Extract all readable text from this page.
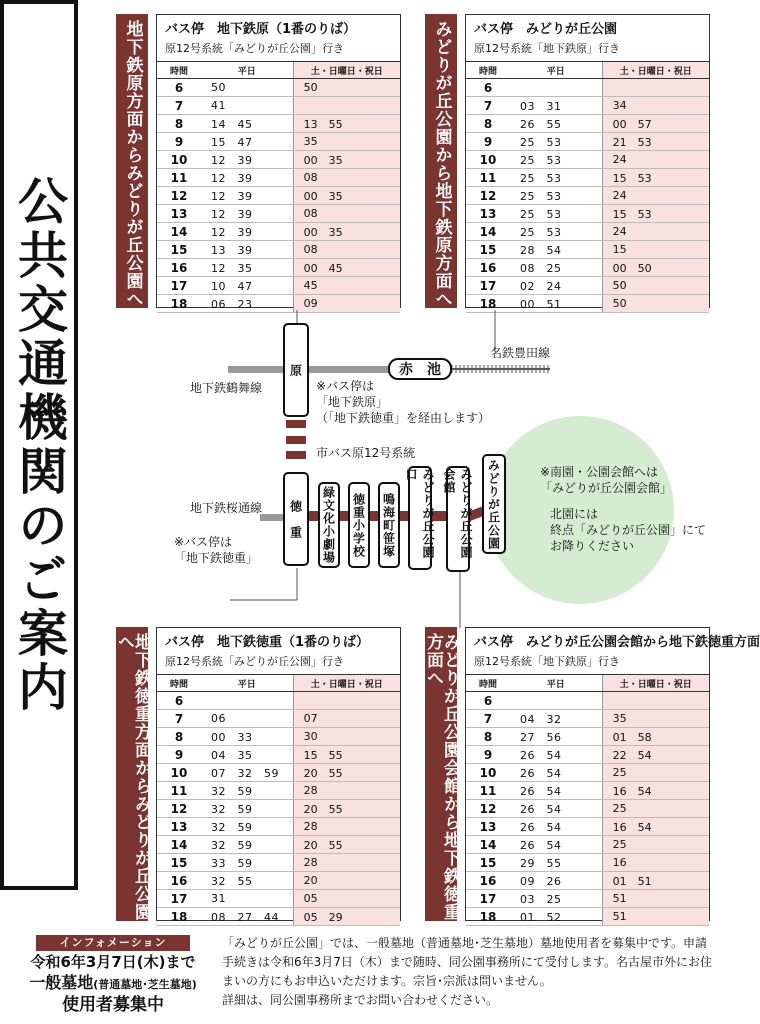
公共交通機関のご案内
地下鉄原方面からみどりが丘公園へ バス停　地下鉄原（1番のりば）
原12号系統「みどりが丘公園」行き
時間	平日	土・日曜日・祝日
6	50	50
7	41	
8	14　45	13　55
9	15　47	35
10	12　39	00　35
11	12　39	08
12	12　39	00　35
13	12　39	08
14	12　39	00　35
15	13　39	08
16	12　35	00　45
17	10　47	45
18	06　23	09	みどりが丘公園から地下鉄原方面へ バス停　みどりが丘公園
原12号系統「地下鉄原」行き
時間	平日	土・日曜日・祝日
6		
7	03　31	34
8	26　55	00　57
9	25　53	21　53
10	25　53	24
11	25　53	15　53
12	25　53	24
13	25　53	15　53
14	25　53	24
15	28　54	15
16	08　25	00　50
17	02　24	50
18	00　51	50
地下鉄徳重方面からみどりが丘公園へ	バス停　地下鉄徳重（1番のりば）
原12号系統「みどりが丘公園」行き
時間	平日	土・日曜日・祝日
6		
7	06	07
8	00　33	30
9	04　35	15　55
10	07　32　59	20　55
11	32　59	28
12	32　59	20　55
13	32　59	28
14	32　59	20　55
15	33　59	28
16	32　55	20
17	31	05
18	08　27　44	05　29	みどりが丘公園会館から地下鉄徳重方面へ	バス停　みどりが丘公園会館から地下鉄徳重方面
原12号系統「地下鉄原」行き
時間	平日	土・日曜日・祝日
6		
7	04　32	35
8	27　56	01　58
9	26　54	22　54
10	26　54	25
11	26　54	16　54
12	26　54	25
13	26　54	16　54
14	26　54	25
15	29　55	16
16	09　26	01　51
17	03　25	51
18	01　52	51
原
徳　重
赤　池
緑文化小劇場 徳重小学校 鳴海町笹塚	みどりが丘公園口	みどりが丘公園会館	みどりが丘公園
名鉄豊田線
地下鉄鶴舞線	※バス停は
「地下鉄原」
（「地下鉄徳重」を経由します）
市バス原12号系統
地下鉄桜通線
※バス停は
「地下鉄徳重」
※南園・公園会館へは
「みどりが丘公園会館」
北園には
終点「みどりが丘公園」にて
お降りください
インフォメーション
令和6年3月7日(木)まで
一般墓地(普通墓地･芝生墓地)
使用者募集中
「みどりが丘公園」では、一般墓地（普通墓地･芝生墓地）墓地使用者を募集中です。申請手続きは令和6年3月7日（木）まで随時、同公園事務所にて受付します。名古屋市外にお住まいの方にもお申込いただけます。宗旨･宗派は問いません。
詳細は、同公園事務所までお問い合わせください。
